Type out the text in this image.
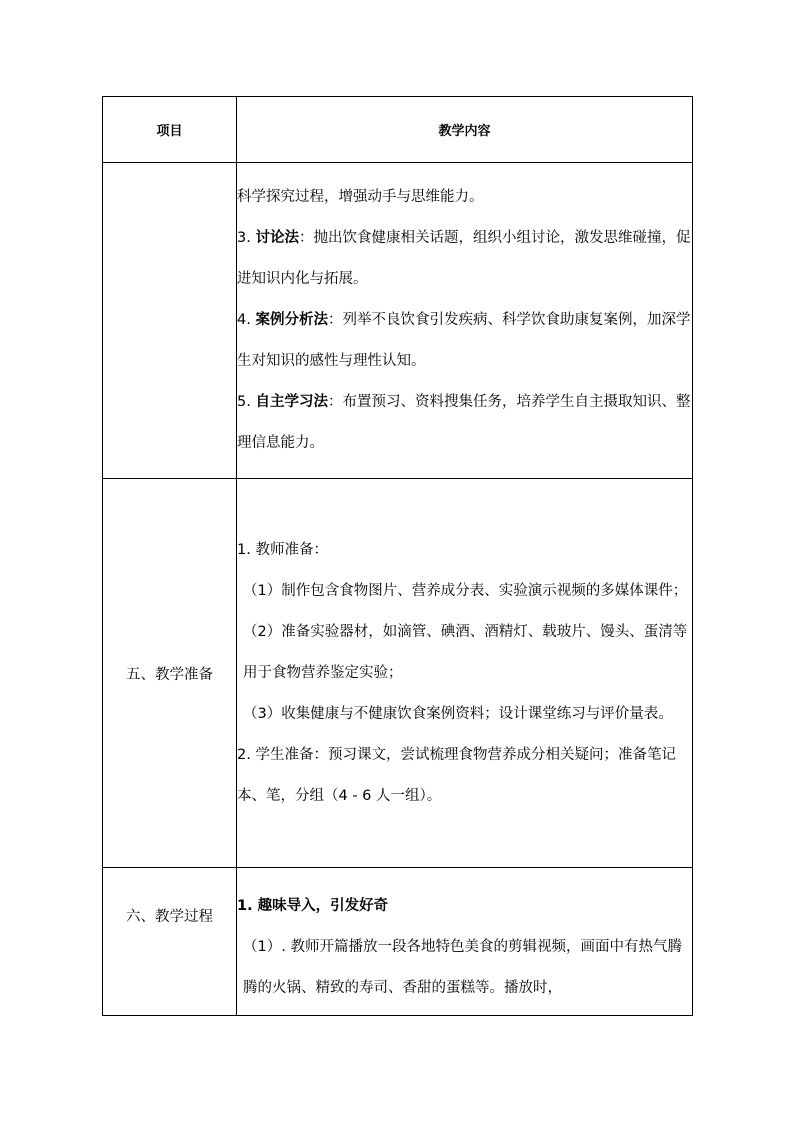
项目	教学内容

	科学探究过程，增强动手与思维能力。

3. 讨论法：抛出饮食健康相关话题，组织小组讨论，激发思维碰撞，促进知识内化与拓展。

4. 案例分析法：列举不良饮食引发疾病、科学饮食助康复案例，加深学生对知识的感性与理性认知。

5. 自主学习法：布置预习、资料搜集任务，培养学生自主摄取知识、整理信息能力。

五、教学准备	1. 教师准备：

（1）制作包含食物图片、营养成分表、实验演示视频的多媒体课件；

（2）准备实验器材，如滴管、碘酒、酒精灯、载玻片、馒头、蛋清等用于食物营养鉴定实验；

（3）收集健康与不健康饮食案例资料；设计课堂练习与评价量表。

2. 学生准备：预习课文，尝试梳理食物营养成分相关疑问；准备笔记本、笔，分组（4 - 6 人一组）。

六、教学过程	1. 趣味导入，引发好奇

（1）. 教师开篇播放一段各地特色美食的剪辑视频，画面中有热气腾腾的火锅、精致的寿司、香甜的蛋糕等。播放时，
